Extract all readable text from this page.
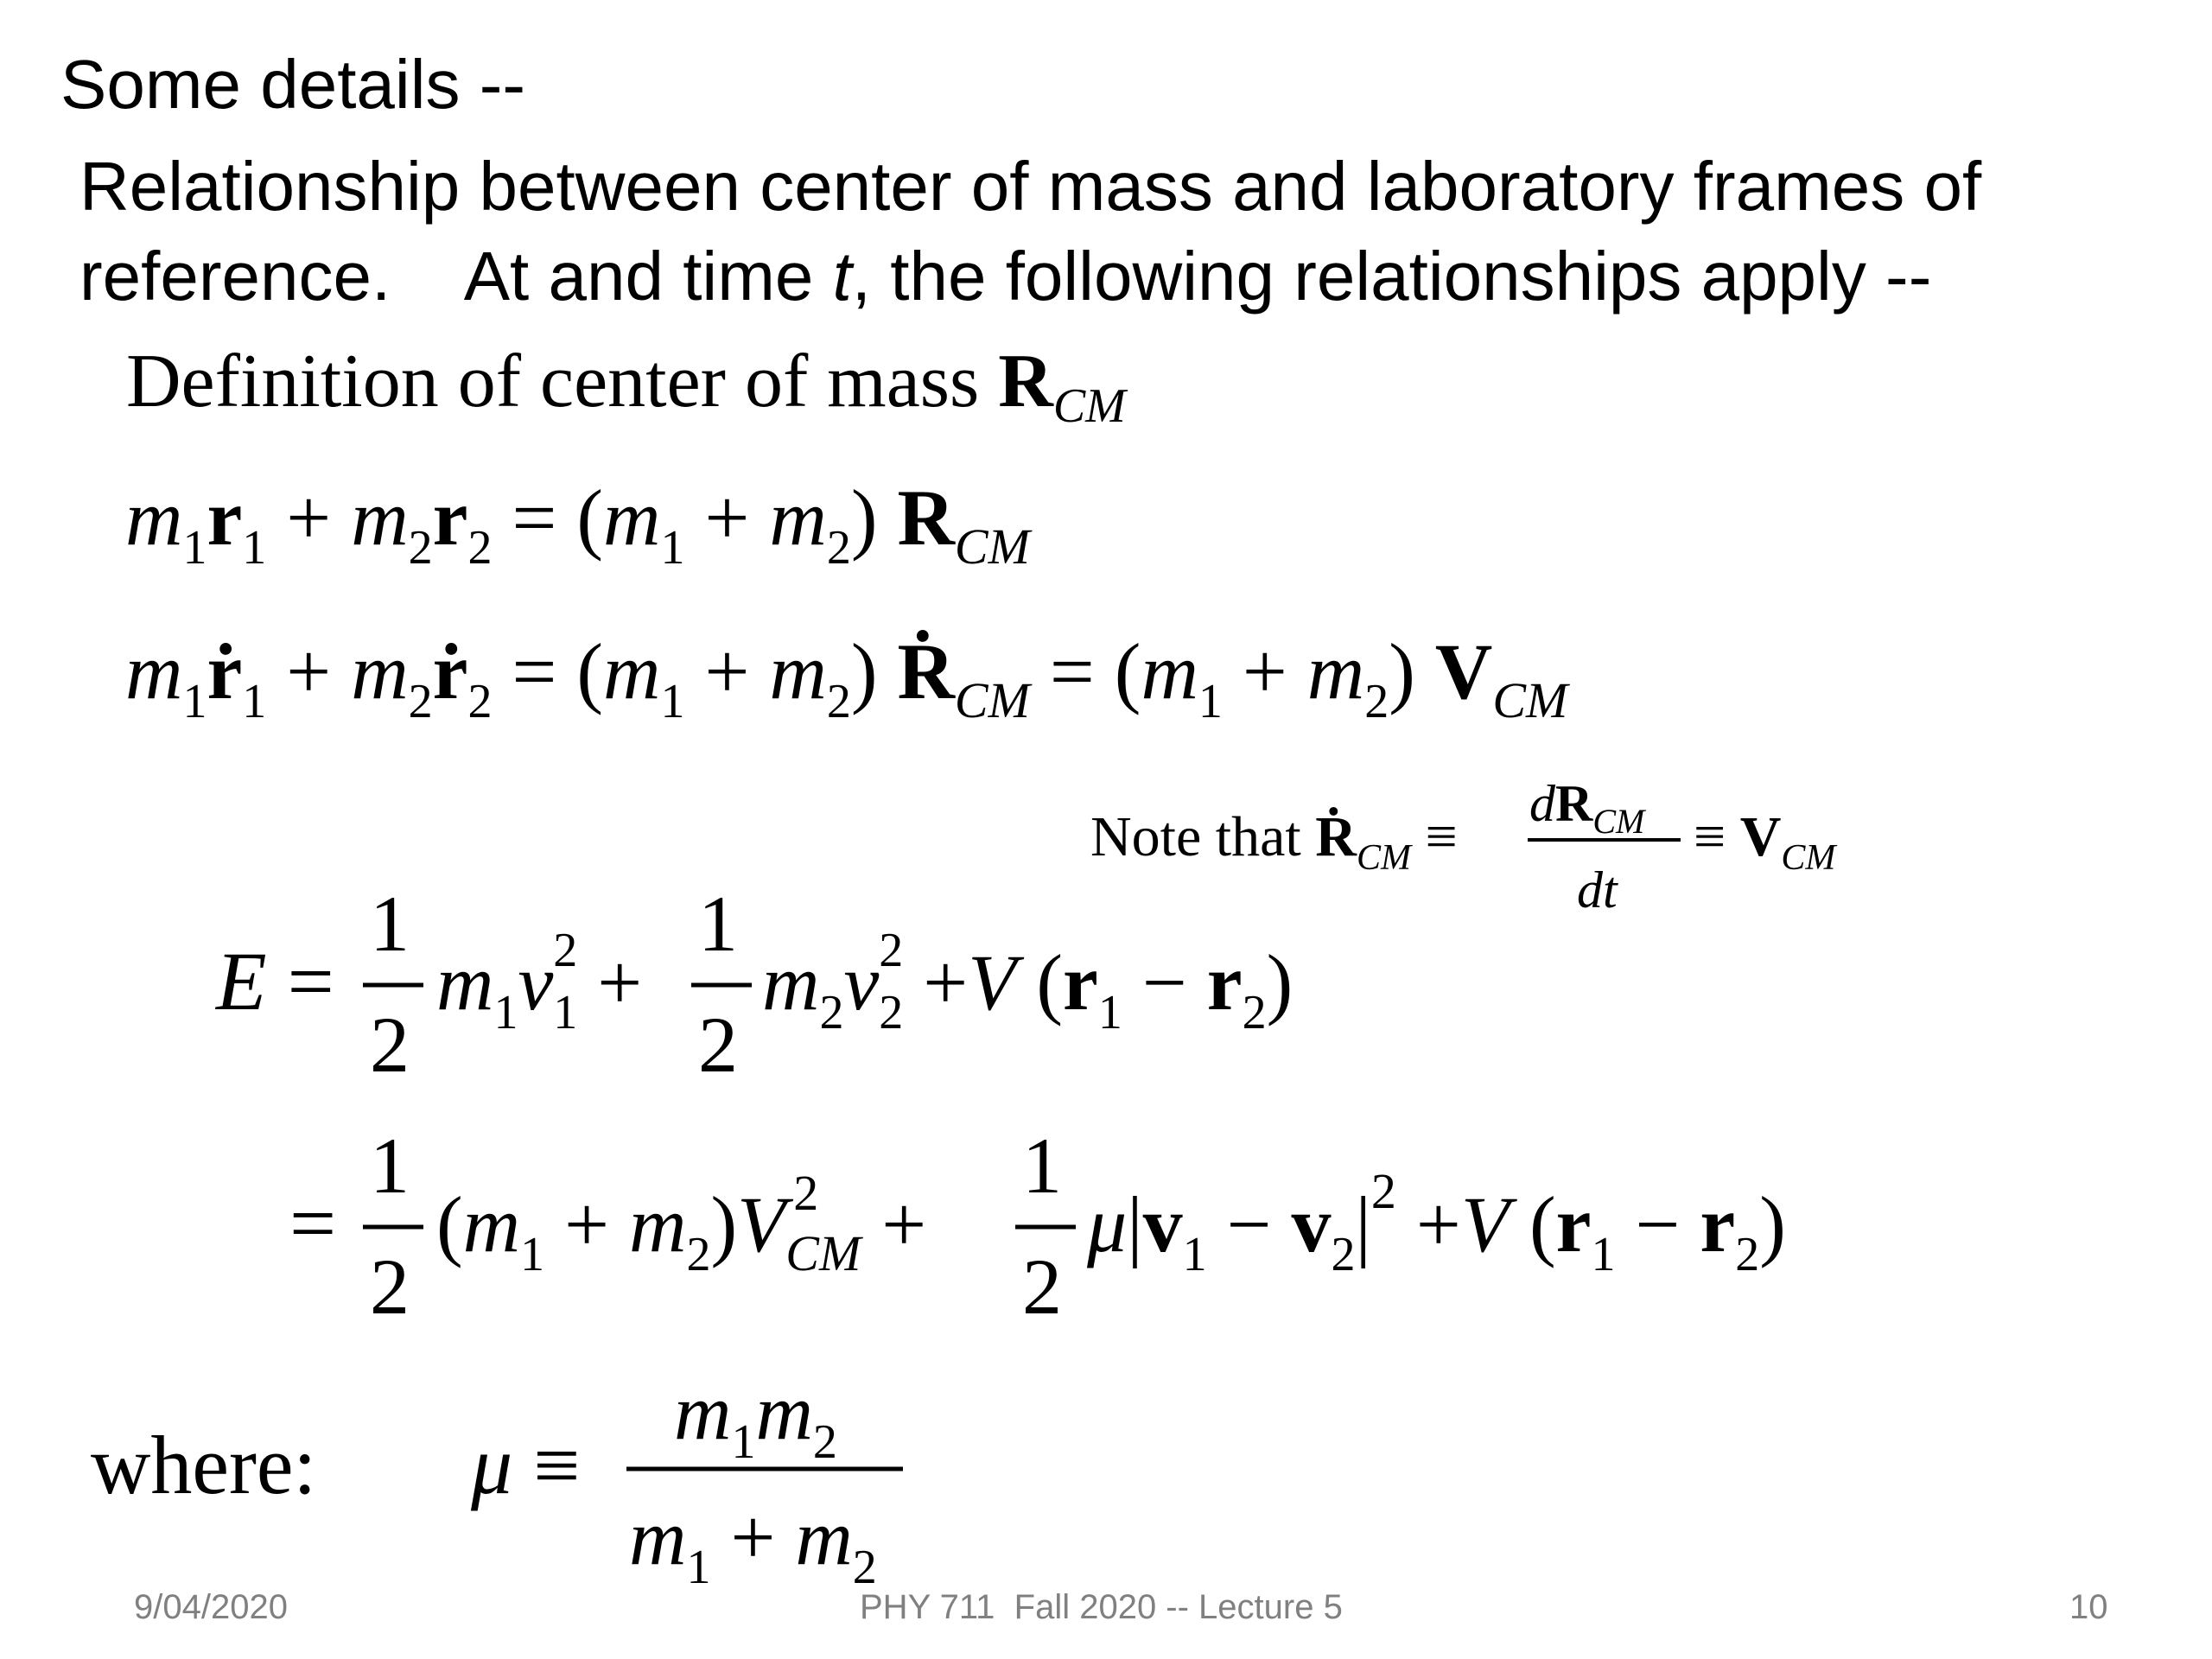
Some details --
Relationship between center of mass and laboratory frames of
reference.    At and time t, the following relationships apply --
Definition of center of mass $R_{CM}$
$m_1r_1 + m_2r_2 = (m_1 + m_2)$ $R_{CM}$
$m_1ṙ_1$ + $m_2ṙ_2 = (m_1 + m_2)$ Ṙ$_{CM}$ = $(m_1 + m_2)$ $V_{CM}$
Note that Ṙ$_{CM}$ ≡
$dR_{CM}$
dt
≡ $V_{CM}$
E =
1
2
$m_1v_12$ +
1
2
$m_2v_22 +V$ $(r_1 - r_2)$
=
1
2
$(m_1 + m_2)V_{CM}2$ +
1
2
$\mu|v_1 - v_2|^2 +V$ $(r_1 - r_2)$
where: μ ≡
$m_1m_2$
$m_1 + m_2$
9/04/2020	PHY 711  Fall 2020 -- Lecture 5	10
